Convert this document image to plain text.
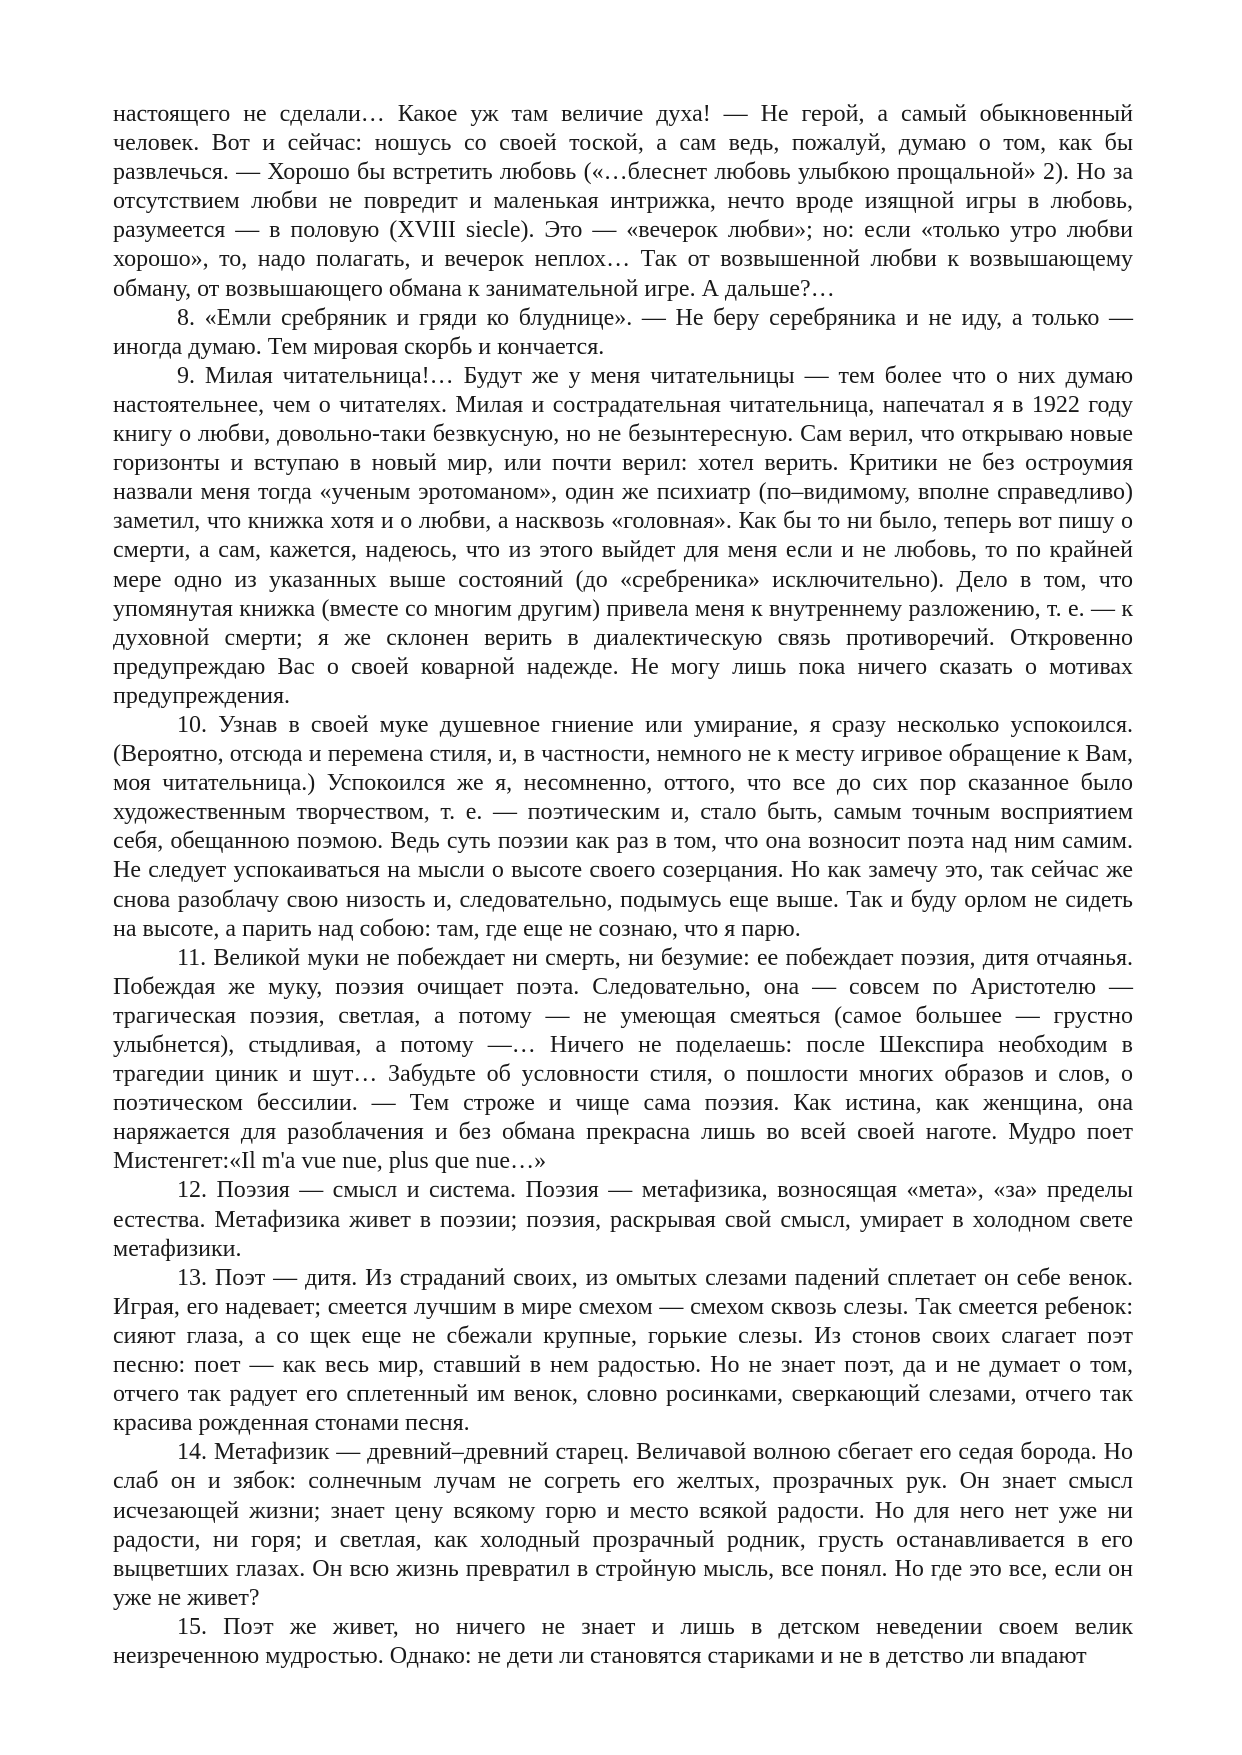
настоящего не сделали… Какое уж там величие духа! — Не герой, а самый обыкновенный человек. Вот и сейчас: ношусь со своей тоской, а сам ведь, пожалуй, думаю о том, как бы развлечься. — Хорошо бы встретить любовь («…блеснет любовь улыбкою прощальной» 2). Но за отсутствием любви не повредит и маленькая интрижка, нечто вроде изящной игры в любовь, разумеется — в половую (XVIII siecle). Это — «вечерок любви»; но: если «только утро любви хорошо», то, надо полагать, и вечерок неплох… Так от возвышенной любви к возвышающему обману, от возвышающего обмана к занимательной игре. А дальше?…

8. «Емли сребряник и гряди ко блуднице». — Не беру серебряника и не иду, а только — иногда думаю. Тем мировая скорбь и кончается.

9. Милая читательница!… Будут же у меня читательницы — тем более что о них думаю настоятельнее, чем о читателях. Милая и сострадательная читательница, напечатал я в 1922 году книгу о любви, довольно-таки безвкусную, но не безынтересную. Сам верил, что открываю новые горизонты и вступаю в новый мир, или почти верил: хотел верить. Критики не без остроумия назвали меня тогда «ученым эротоманом», один же психиатр (по–видимому, вполне справедливо) заметил, что книжка хотя и о любви, а насквозь «головная». Как бы то ни было, теперь вот пишу о смерти, а сам, кажется, надеюсь, что из этого выйдет для меня если и не любовь, то по крайней мере одно из указанных выше состояний (до «сребреника» исключительно). Дело в том, что упомянутая книжка (вместе со многим другим) привела меня к внутреннему разложению, т. е. — к духовной смерти; я же склонен верить в диалектическую связь противоречий. Откровенно предупреждаю Вас о своей коварной надежде. Не могу лишь пока ничего сказать о мотивах предупреждения.

10. Узнав в своей муке душевное гниение или умирание, я сразу несколько успокоился. (Вероятно, отсюда и перемена стиля, и, в частности, немного не к месту игривое обращение к Вам, моя читательница.) Успокоился же я, несомненно, оттого, что все до сих пор сказанное было художественным творчеством, т. е. — поэтическим и, стало быть, самым точным восприятием себя, обещанною поэмою. Ведь суть поэзии как раз в том, что она возносит поэта над ним самим. Не следует успокаиваться на мысли о высоте своего созерцания. Но как замечу это, так сейчас же снова разоблачу свою низость и, следовательно, подымусь еще выше. Так и буду орлом не сидеть на высоте, а парить над собою: там, где еще не сознаю, что я парю.

11. Великой муки не побеждает ни смерть, ни безумие: ее побеждает поэзия, дитя отчаянья. Побеждая же муку, поэзия очищает поэта. Следовательно, она — совсем по Аристотелю — трагическая поэзия, светлая, а потому — не умеющая смеяться (самое большее — грустно улыбнется), стыдливая, а потому —… Ничего не поделаешь: после Шекспира необходим в трагедии циник и шут… Забудьте об условности стиля, о пошлости многих образов и слов, о поэтическом бессилии. — Тем строже и чище сама поэзия. Как истина, как женщина, она наряжается для разоблачения и без обмана прекрасна лишь во всей своей наготе. Мудро поет Мистенгет:«Il m'a vue nue, plus que nue…»

12. Поэзия — смысл и система. Поэзия — метафизика, возносящая «мета», «за» пределы естества. Метафизика живет в поэзии; поэзия, раскрывая свой смысл, умирает в холодном свете метафизики.

13. Поэт — дитя. Из страданий своих, из омытых слезами падений сплетает он себе венок. Играя, его надевает; смеется лучшим в мире смехом — смехом сквозь слезы. Так смеется ребенок: сияют глаза, а со щек еще не сбежали крупные, горькие слезы. Из стонов своих слагает поэт песню: поет — как весь мир, ставший в нем радостью. Но не знает поэт, да и не думает о том, отчего так радует его сплетенный им венок, словно росинками, сверкающий слезами, отчего так красива рожденная стонами песня.

14. Метафизик — древний–древний старец. Величавой волною сбегает его седая борода. Но слаб он и зябок: солнечным лучам не согреть его желтых, прозрачных рук. Он знает смысл исчезающей жизни; знает цену всякому горю и место всякой радости. Но для него нет уже ни радости, ни горя; и светлая, как холодный прозрачный родник, грусть останавливается в его выцветших глазах. Он всю жизнь превратил в стройную мысль, все понял. Но где это все, если он уже не живет?

15. Поэт же живет, но ничего не знает и лишь в детском неведении своем велик неизреченною мудростью. Однако: не дети ли становятся стариками и не в детство ли впадают
